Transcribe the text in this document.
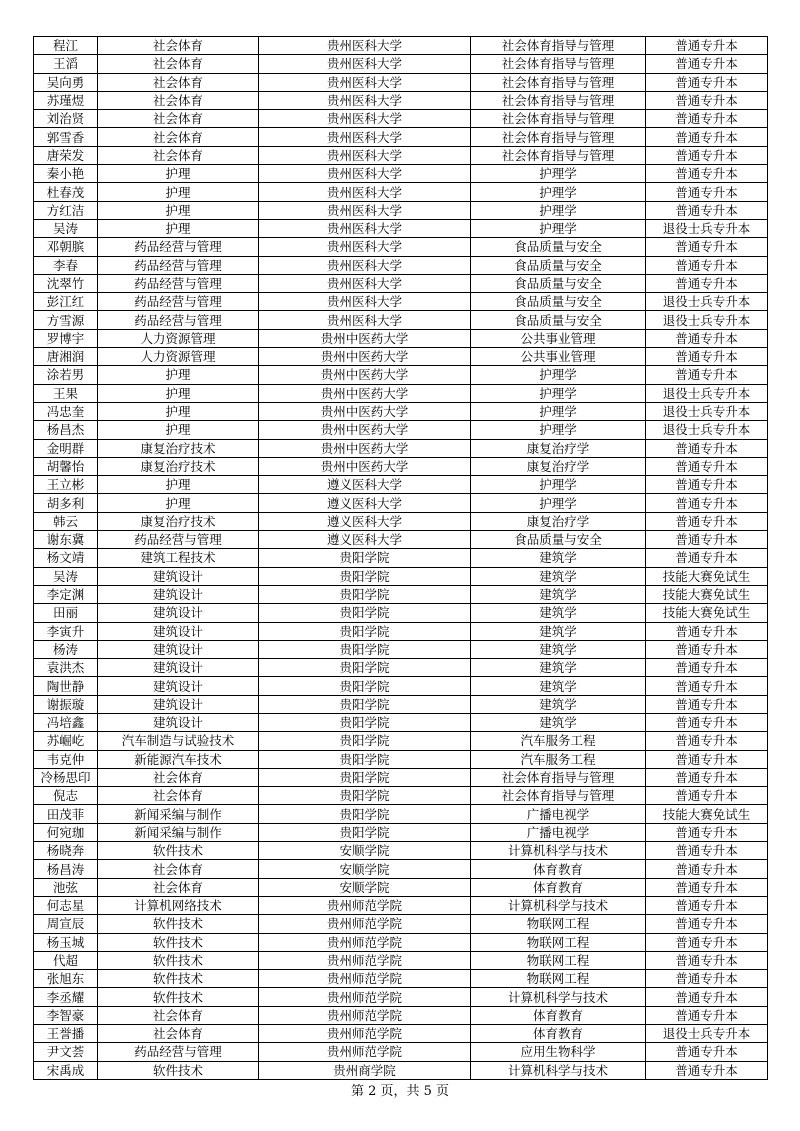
程江	社会体育	贵州医科大学	社会体育指导与管理	普通专升本
王滔	社会体育	贵州医科大学	社会体育指导与管理	普通专升本
吴向勇	社会体育	贵州医科大学	社会体育指导与管理	普通专升本
苏瑾煜	社会体育	贵州医科大学	社会体育指导与管理	普通专升本
刘治贤	社会体育	贵州医科大学	社会体育指导与管理	普通专升本
郭雪香	社会体育	贵州医科大学	社会体育指导与管理	普通专升本
唐荣发	社会体育	贵州医科大学	社会体育指导与管理	普通专升本
秦小艳	护理	贵州医科大学	护理学	普通专升本
杜春茂	护理	贵州医科大学	护理学	普通专升本
方红洁	护理	贵州医科大学	护理学	普通专升本
吴涛	护理	贵州医科大学	护理学	退役士兵专升本
邓朝膑	药品经营与管理	贵州医科大学	食品质量与安全	普通专升本
李春	药品经营与管理	贵州医科大学	食品质量与安全	普通专升本
沈翠竹	药品经营与管理	贵州医科大学	食品质量与安全	普通专升本
彭江红	药品经营与管理	贵州医科大学	食品质量与安全	退役士兵专升本
方雪源	药品经营与管理	贵州医科大学	食品质量与安全	退役士兵专升本
罗博宇	人力资源管理	贵州中医药大学	公共事业管理	普通专升本
唐湘润	人力资源管理	贵州中医药大学	公共事业管理	普通专升本
涂若男	护理	贵州中医药大学	护理学	普通专升本
王果	护理	贵州中医药大学	护理学	退役士兵专升本
冯忠奎	护理	贵州中医药大学	护理学	退役士兵专升本
杨昌杰	护理	贵州中医药大学	护理学	退役士兵专升本
金明群	康复治疗技术	贵州中医药大学	康复治疗学	普通专升本
胡馨怡	康复治疗技术	贵州中医药大学	康复治疗学	普通专升本
王立彬	护理	遵义医科大学	护理学	普通专升本
胡多利	护理	遵义医科大学	护理学	普通专升本
韩云	康复治疗技术	遵义医科大学	康复治疗学	普通专升本
谢东冀	药品经营与管理	遵义医科大学	食品质量与安全	普通专升本
杨文靖	建筑工程技术	贵阳学院	建筑学	普通专升本
吴涛	建筑设计	贵阳学院	建筑学	技能大赛免试生
李定渊	建筑设计	贵阳学院	建筑学	技能大赛免试生
田丽	建筑设计	贵阳学院	建筑学	技能大赛免试生
李寅升	建筑设计	贵阳学院	建筑学	普通专升本
杨涛	建筑设计	贵阳学院	建筑学	普通专升本
袁洪杰	建筑设计	贵阳学院	建筑学	普通专升本
陶世静	建筑设计	贵阳学院	建筑学	普通专升本
谢振璇	建筑设计	贵阳学院	建筑学	普通专升本
冯培鑫	建筑设计	贵阳学院	建筑学	普通专升本
苏崛屹	汽车制造与试验技术	贵阳学院	汽车服务工程	普通专升本
韦克仲	新能源汽车技术	贵阳学院	汽车服务工程	普通专升本
冷杨思印	社会体育	贵阳学院	社会体育指导与管理	普通专升本
倪志	社会体育	贵阳学院	社会体育指导与管理	普通专升本
田茂菲	新闻采编与制作	贵阳学院	广播电视学	技能大赛免试生
何宛珈	新闻采编与制作	贵阳学院	广播电视学	普通专升本
杨晓奔	软件技术	安顺学院	计算机科学与技术	普通专升本
杨昌涛	社会体育	安顺学院	体育教育	普通专升本
池弦	社会体育	安顺学院	体育教育	普通专升本
何志星	计算机网络技术	贵州师范学院	计算机科学与技术	普通专升本
周宣辰	软件技术	贵州师范学院	物联网工程	普通专升本
杨玉城	软件技术	贵州师范学院	物联网工程	普通专升本
代超	软件技术	贵州师范学院	物联网工程	普通专升本
张旭东	软件技术	贵州师范学院	物联网工程	普通专升本
李丞耀	软件技术	贵州师范学院	计算机科学与技术	普通专升本
李智豪	社会体育	贵州师范学院	体育教育	普通专升本
王誉播	社会体育	贵州师范学院	体育教育	退役士兵专升本
尹文荟	药品经营与管理	贵州师范学院	应用生物科学	普通专升本
宋禹成	软件技术	贵州商学院	计算机科学与技术	普通专升本
第 2 页，共 5 页
